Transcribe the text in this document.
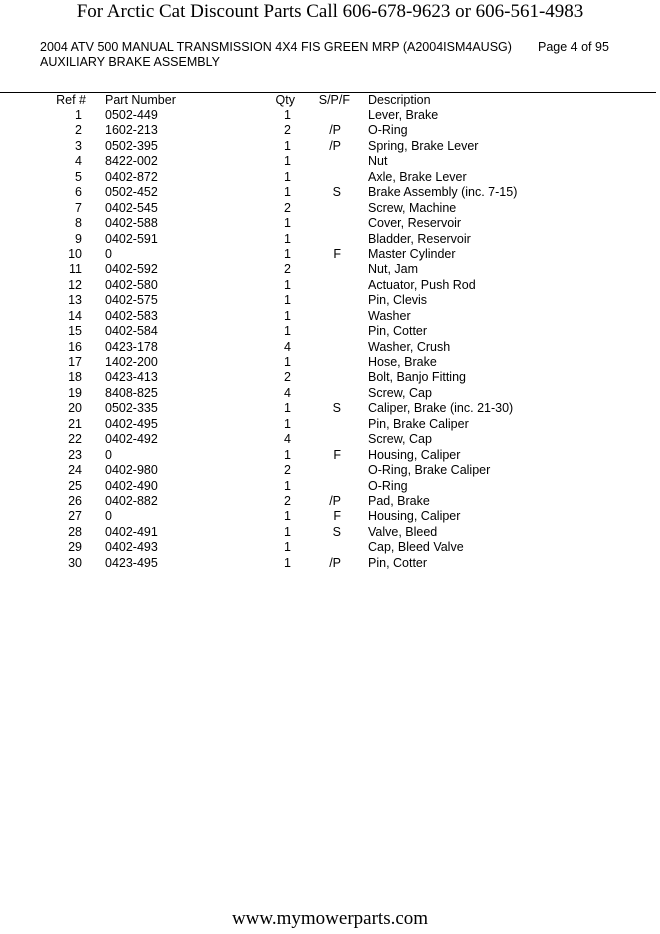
For Arctic Cat Discount Parts Call 606-678-9623 or 606-561-4983
2004 ATV 500 MANUAL TRANSMISSION 4X4 FIS GREEN MRP (A2004ISM4AUSG) Page 4 of 95
AUXILIARY BRAKE ASSEMBLY
Ref # Part Number	Qty S/P/F Description
1 0502-449	1	Lever, Brake
2 1602-213	2	/P O-Ring
3 0502-395	1	/P Spring, Brake Lever
4 8422-002	1	Nut
5 0402-872	1	Axle, Brake Lever
6 0502-452	1	S Brake Assembly (inc. 7-15)
7 0402-545	2	Screw, Machine
8 0402-588	1	Cover, Reservoir
9 0402-591	1	Bladder, Reservoir
10 0	1	F Master Cylinder
11 0402-592	2	Nut, Jam
12 0402-580	1	Actuator, Push Rod
13 0402-575	1	Pin, Clevis
14 0402-583	1	Washer
15 0402-584	1	Pin, Cotter
16 0423-178	4	Washer, Crush
17 1402-200	1	Hose, Brake
18 0423-413	2	Bolt, Banjo Fitting
19 8408-825	4	Screw, Cap
20 0502-335	1	S Caliper, Brake (inc. 21-30)
21 0402-495	1	Pin, Brake Caliper
22 0402-492	4	Screw, Cap
23 0	1	F Housing, Caliper
24 0402-980	2	O-Ring, Brake Caliper
25 0402-490	1	O-Ring
26 0402-882	2	/P Pad, Brake
27 0	1	F Housing, Caliper
28 0402-491	1	S Valve, Bleed
29 0402-493	1	Cap, Bleed Valve
30 0423-495	1	/P Pin, Cotter
www.mymowerparts.com
